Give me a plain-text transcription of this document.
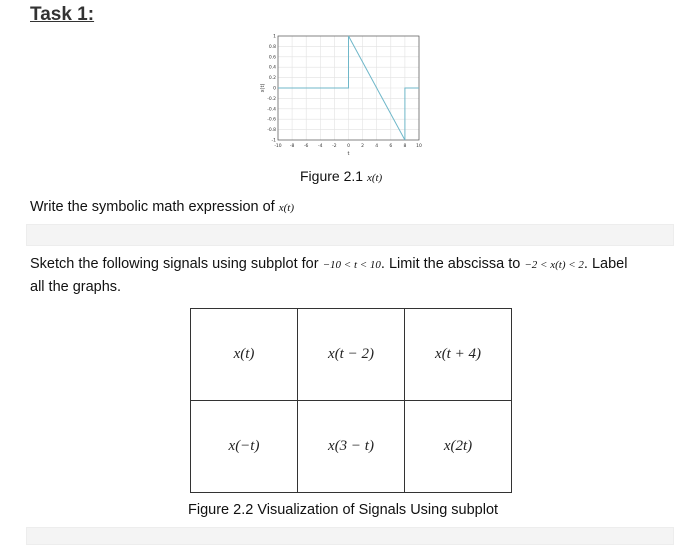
Task 1:
-10 -8 -6 -4 -2 0 2 4 6 8 10
-1
-0.8
-0.6
-0.4
-0.2
0
0.2
0.4
0.6
0.8
1
t
x(t)
Figure 2.1 x(t)
Write the symbolic math expression of x(t)
Sketch the following signals using subplot for −10 < t < 10. Limit the abscissa to −2 < x(t) < 2. Label
all the graphs.
x(t)	x(t − 2)	x(t + 4)
x(−t)	x(3 − t)	x(2t)
Figure 2.2 Visualization of Signals Using subplot
